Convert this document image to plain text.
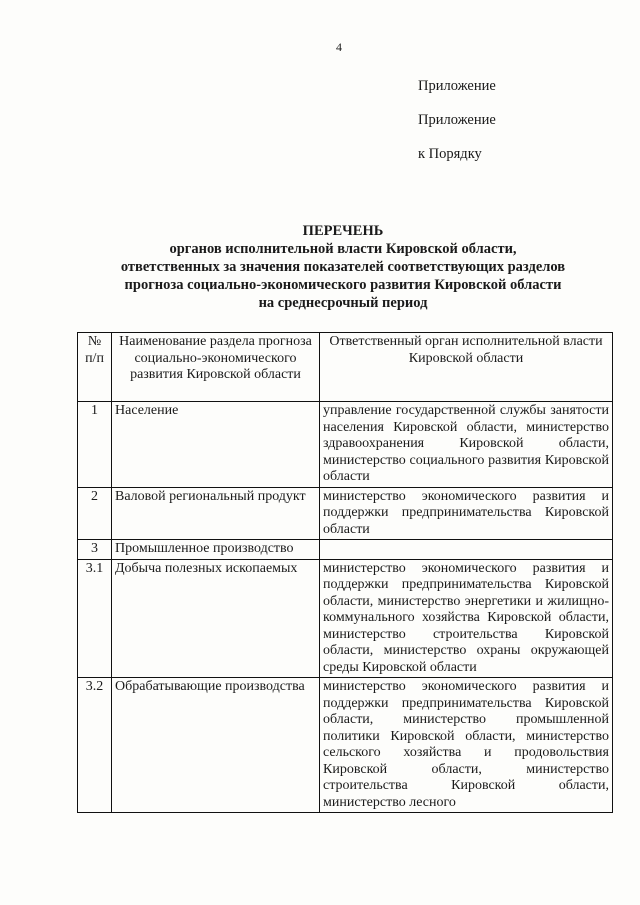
4
Приложение
Приложение
к Порядку
ПЕРЕЧЕНЬ
органов исполнительной власти Кировской области,
ответственных за значения показателей соответствующих разделов
прогноза социально-экономического развития Кировской области
на среднесрочный период
№ п/п	Наименование раздела прогноза социально-экономического развития Кировской области	Ответственный орган исполнительной власти Кировской области
1	Население	управление государственной службы занятости населения Кировской области, министерство здравоохранения Кировской области, министерство социального развития Кировской области
2	Валовой региональный продукт	министерство экономического развития и поддержки предпринимательства Кировской области
3	Промышленное производство	
3.1	Добыча полезных ископаемых	министерство экономического развития и поддержки предпринимательства Кировской области, министерство энергетики и жилищно-коммунального хозяйства Кировской области, министерство строительства Кировской области, министерство охраны окружающей среды Кировской области
3.2	Обрабатывающие производства	министерство экономического развития и поддержки предпринимательства Кировской области, министерство промышленной политики Кировской области, министерство сельского хозяйства и продовольствия Кировской области, министерство строительства Кировской области, министерство лесного
